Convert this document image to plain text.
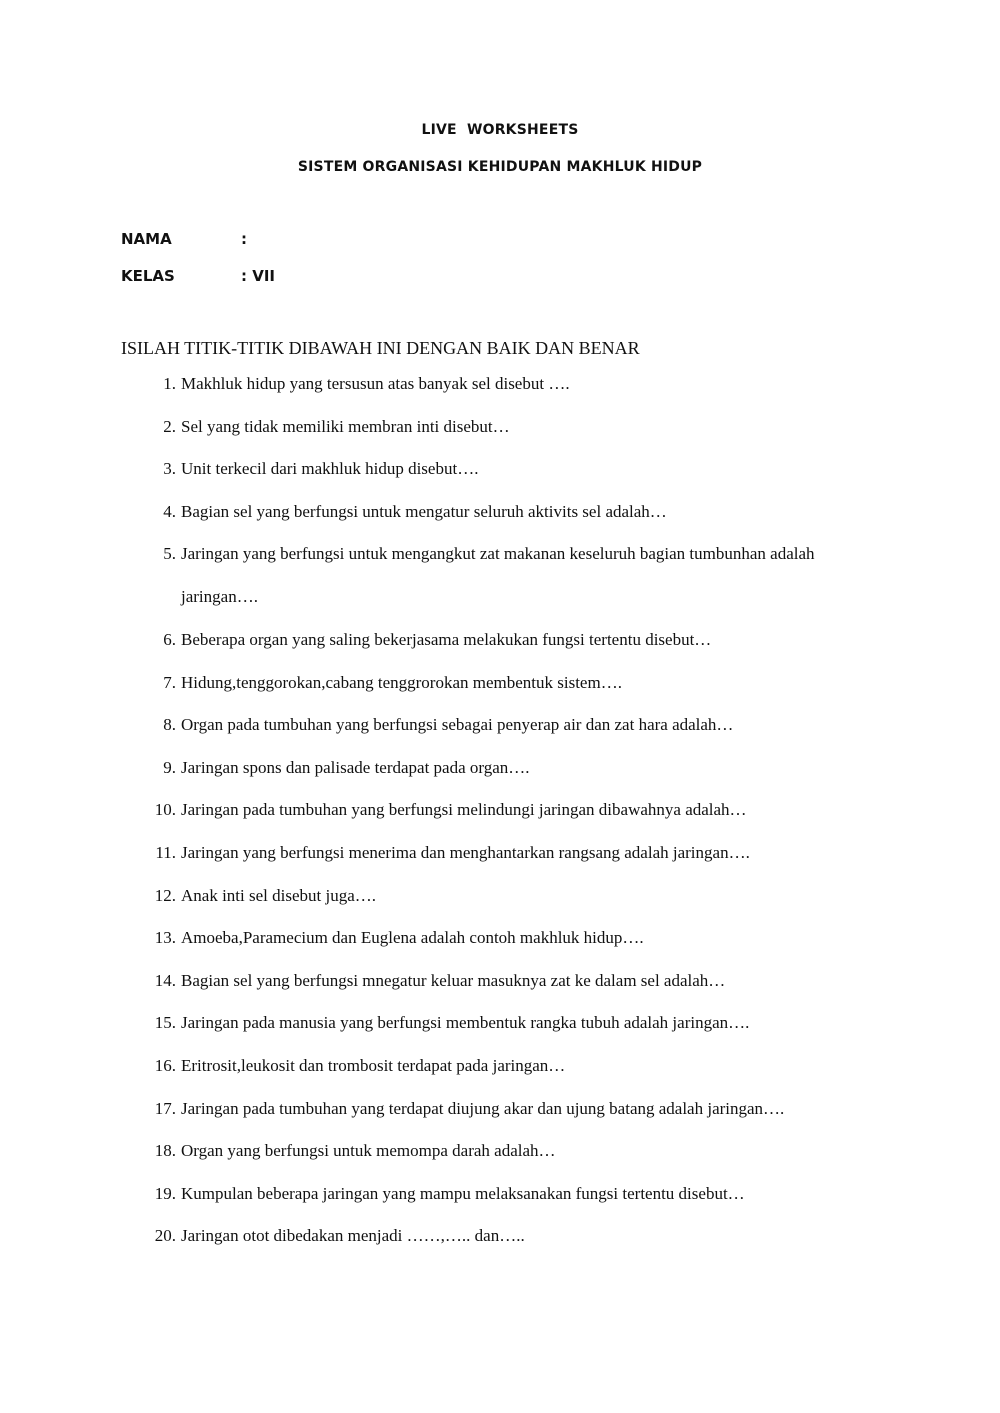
LIVE  WORKSHEETS
SISTEM ORGANISASI KEHIDUPAN MAKHLUK HIDUP
NAMA	:
KELAS	: VII
ISILAH TITIK-TITIK DIBAWAH INI DENGAN BAIK DAN BENAR
1. Makhluk hidup yang tersusun atas banyak sel disebut ….
2. Sel yang tidak memiliki membran inti disebut…
3. Unit terkecil dari makhluk hidup disebut….
4. Bagian sel yang berfungsi untuk mengatur seluruh aktivits sel adalah…
5. Jaringan yang berfungsi untuk mengangkut zat makanan keseluruh bagian tumbunhan adalah
jaringan….
6. Beberapa organ yang saling bekerjasama melakukan fungsi tertentu disebut…
7. Hidung,tenggorokan,cabang tenggrorokan membentuk sistem….
8. Organ pada tumbuhan yang berfungsi sebagai penyerap air dan zat hara adalah…
9. Jaringan spons dan palisade terdapat pada organ….
10. Jaringan pada tumbuhan yang berfungsi melindungi jaringan dibawahnya adalah…
11. Jaringan yang berfungsi menerima dan menghantarkan rangsang adalah jaringan….
12. Anak inti sel disebut juga….
13. Amoeba,Paramecium dan Euglena adalah contoh makhluk hidup….
14. Bagian sel yang berfungsi mnegatur keluar masuknya zat ke dalam sel adalah…
15. Jaringan pada manusia yang berfungsi membentuk rangka tubuh adalah jaringan….
16. Eritrosit,leukosit dan trombosit terdapat pada jaringan…
17. Jaringan pada tumbuhan yang terdapat diujung akar dan ujung batang adalah jaringan….
18. Organ yang berfungsi untuk memompa darah adalah…
19. Kumpulan beberapa jaringan yang mampu melaksanakan fungsi tertentu disebut…
20. Jaringan otot dibedakan menjadi ……,….. dan…..
